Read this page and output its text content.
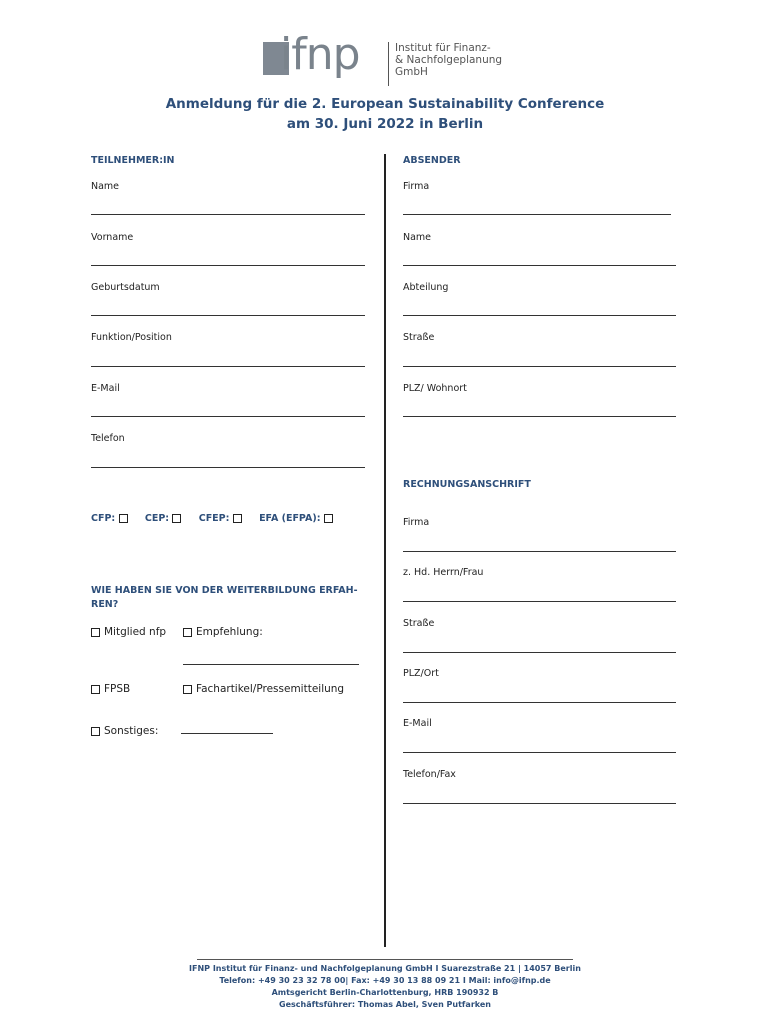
ifnp	Institut für Finanz-
& Nachfolgeplanung
GmbH
Anmeldung für die 2. European Sustainability Conference
am 30. Juni 2022 in Berlin
TEILNEHMER:IN
Name
Vorname
Geburtsdatum
Funktion/Position
E-Mail
Telefon
CFP:	CEP:	CFEP:	EFA (EFPA):
WIE HABEN SIE VON DER WEITERBILDUNG ERFAH-
REN?
Mitglied nfp	Empfehlung:
FPSB	Fachartikel/Pressemitteilung
Sonstiges:
ABSENDER
Firma
Name
Abteilung
Straße
PLZ/ Wohnort
RECHNUNGSANSCHRIFT
Firma
z. Hd. Herrn/Frau
Straße
PLZ/Ort
E-Mail
Telefon/Fax
IFNP Institut für Finanz- und Nachfolgeplanung GmbH I Suarezstraße 21 | 14057 Berlin
Telefon: +49 30 23 32 78 00| Fax: +49 30 13 88 09 21 I Mail: info@ifnp.de
Amtsgericht Berlin-Charlottenburg, HRB 190932 B
Geschäftsführer: Thomas Abel, Sven Putfarken
